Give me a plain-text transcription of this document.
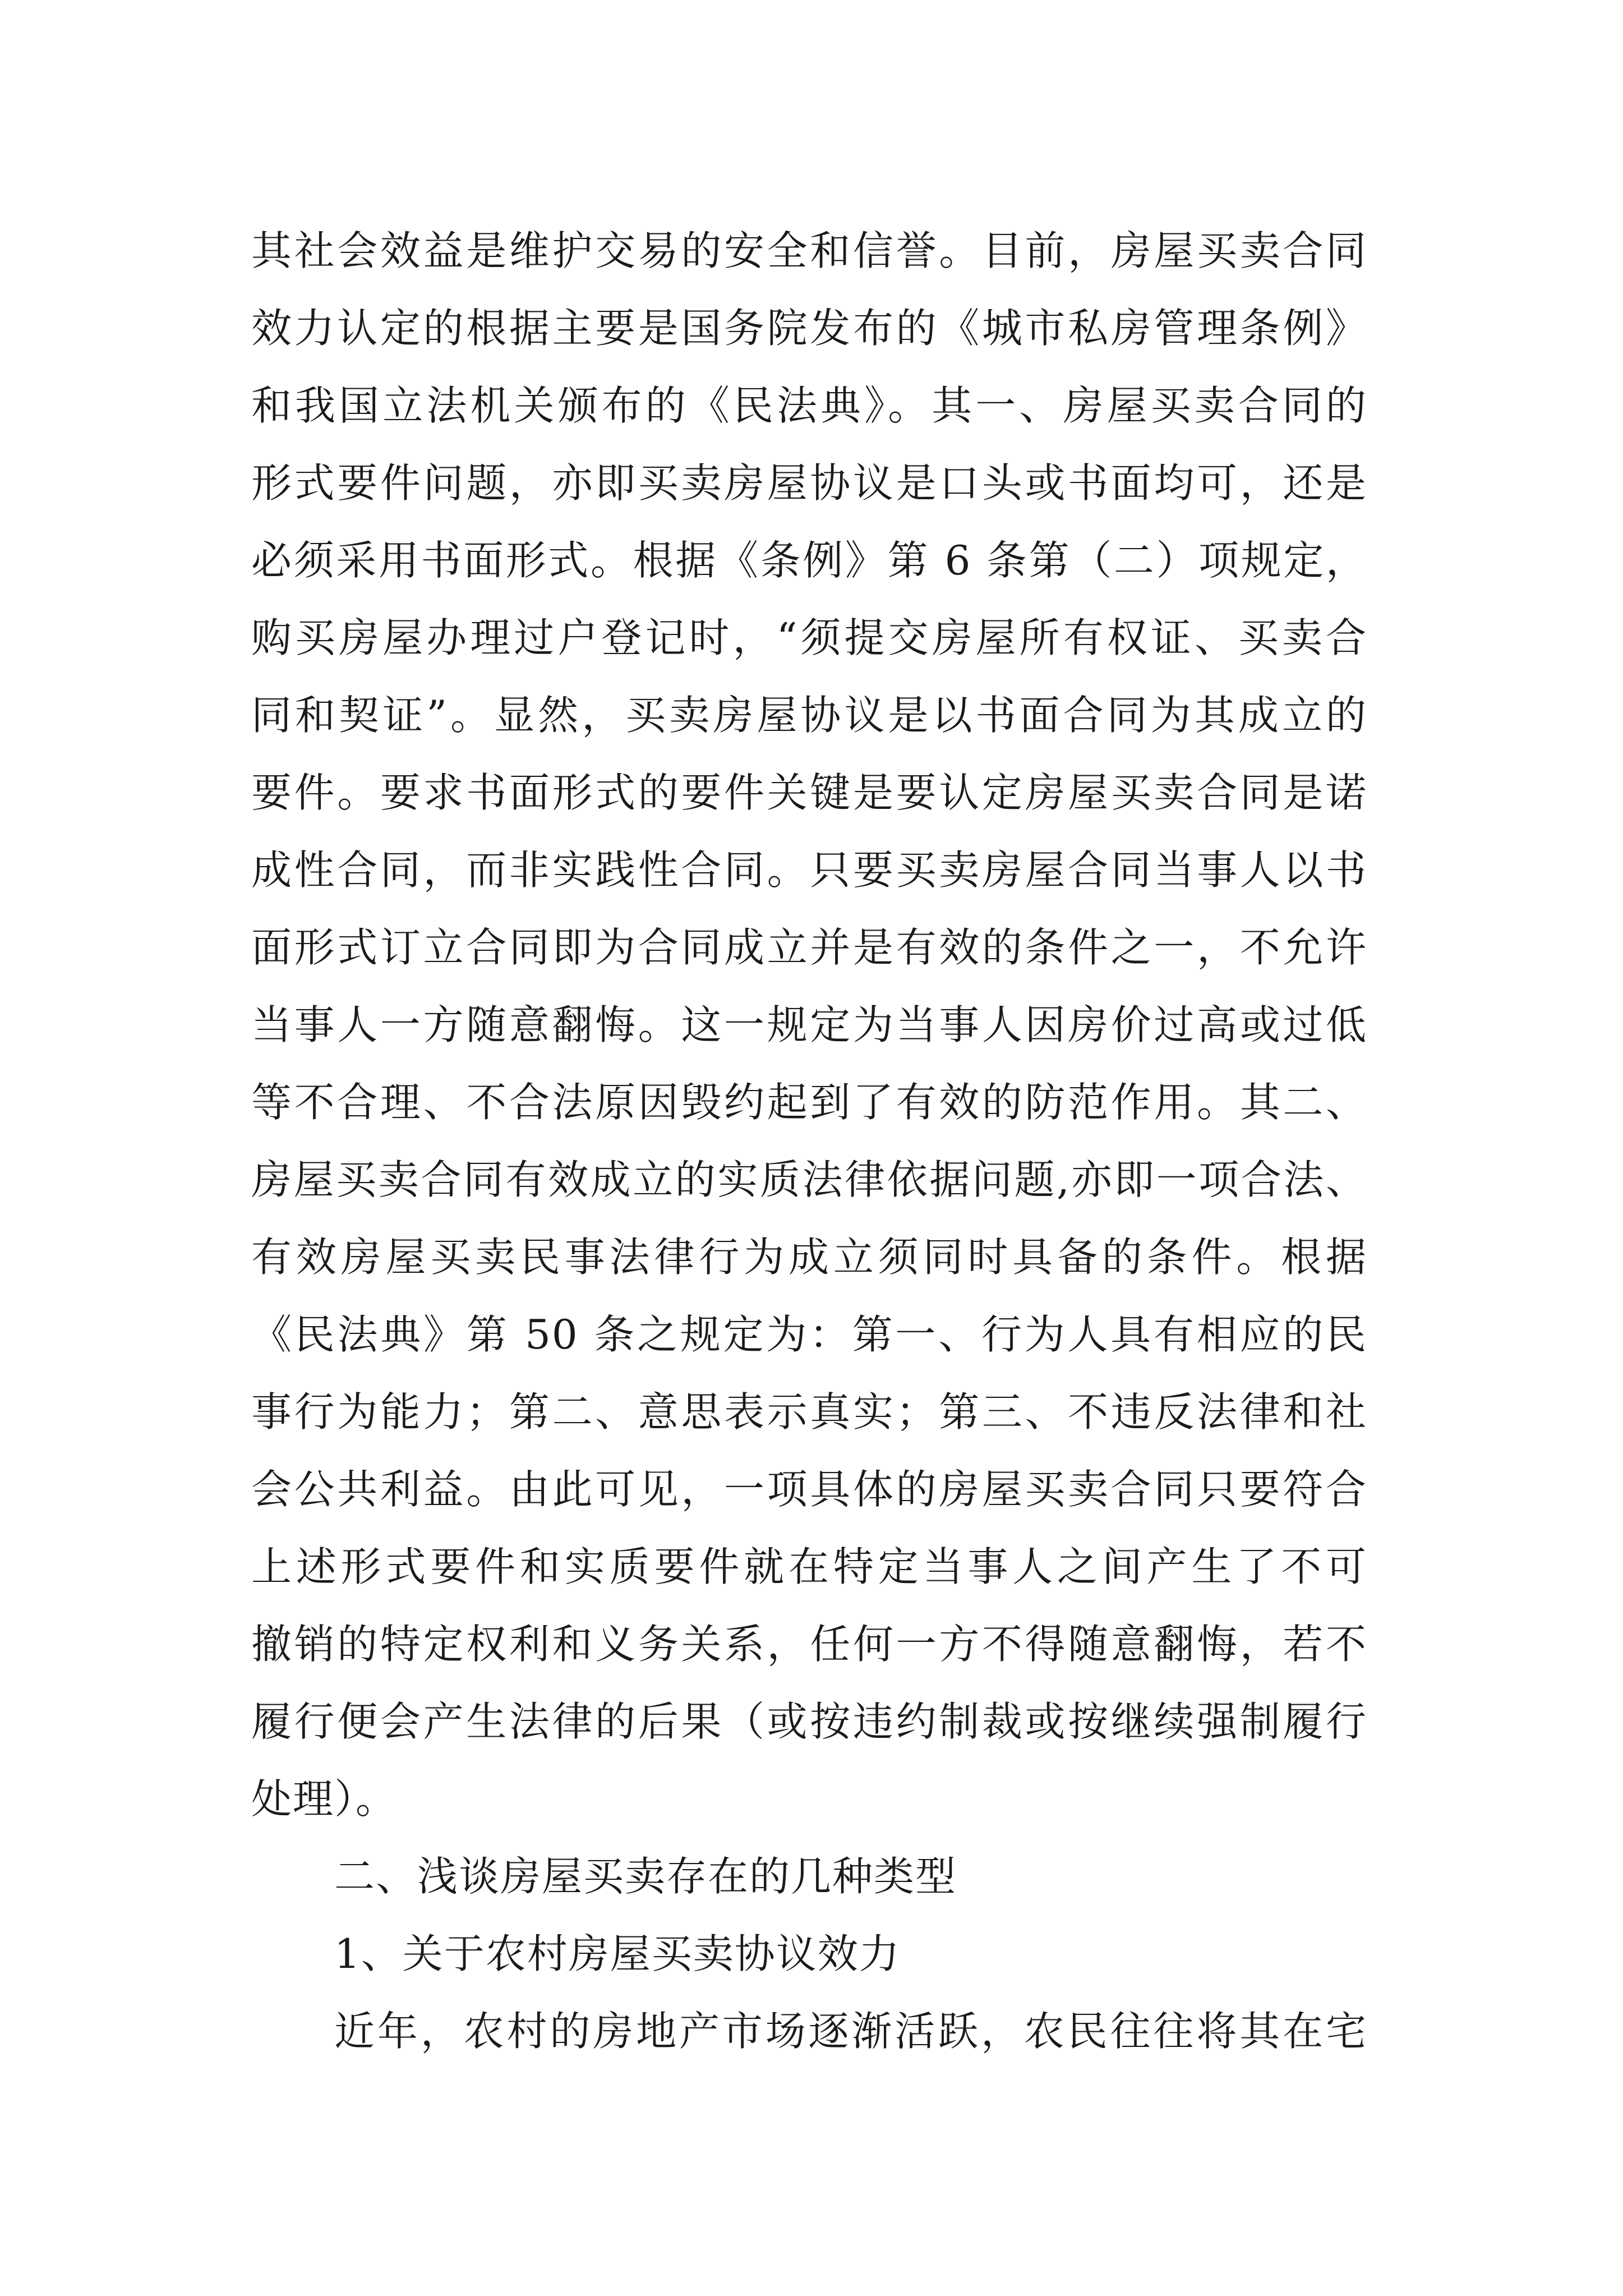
其社会效益是维护交易的安全和信誉。目前，房屋买卖合同
效力认定的根据主要是国务院发布的《城市私房管理条例》
和我国立法机关颁布的《民法典》。其一、房屋买卖合同的
形式要件问题，亦即买卖房屋协议是口头或书面均可，还是
必须采用书面形式。根据《条例》第 6 条第（二）项规定，
购买房屋办理过户登记时，“须提交房屋所有权证、买卖合
同和契证”。显然，买卖房屋协议是以书面合同为其成立的
要件。要求书面形式的要件关键是要认定房屋买卖合同是诺
成性合同，而非实践性合同。只要买卖房屋合同当事人以书
面形式订立合同即为合同成立并是有效的条件之一，不允许
当事人一方随意翻悔。这一规定为当事人因房价过高或过低
等不合理、不合法原因毁约起到了有效的防范作用。其二、
房屋买卖合同有效成立的实质法律依据问题,亦即一项合法、
有效房屋买卖民事法律行为成立须同时具备的条件。根据
《民法典》第 50 条之规定为：第一、行为人具有相应的民
事行为能力；第二、意思表示真实；第三、不违反法律和社
会公共利益。由此可见，一项具体的房屋买卖合同只要符合
上述形式要件和实质要件就在特定当事人之间产生了不可
撤销的特定权利和义务关系，任何一方不得随意翻悔，若不
履行便会产生法律的后果（或按违约制裁或按继续强制履行
处理）。
二、浅谈房屋买卖存在的几种类型
1、关于农村房屋买卖协议效力
近年，农村的房地产市场逐渐活跃，农民往往将其在宅
